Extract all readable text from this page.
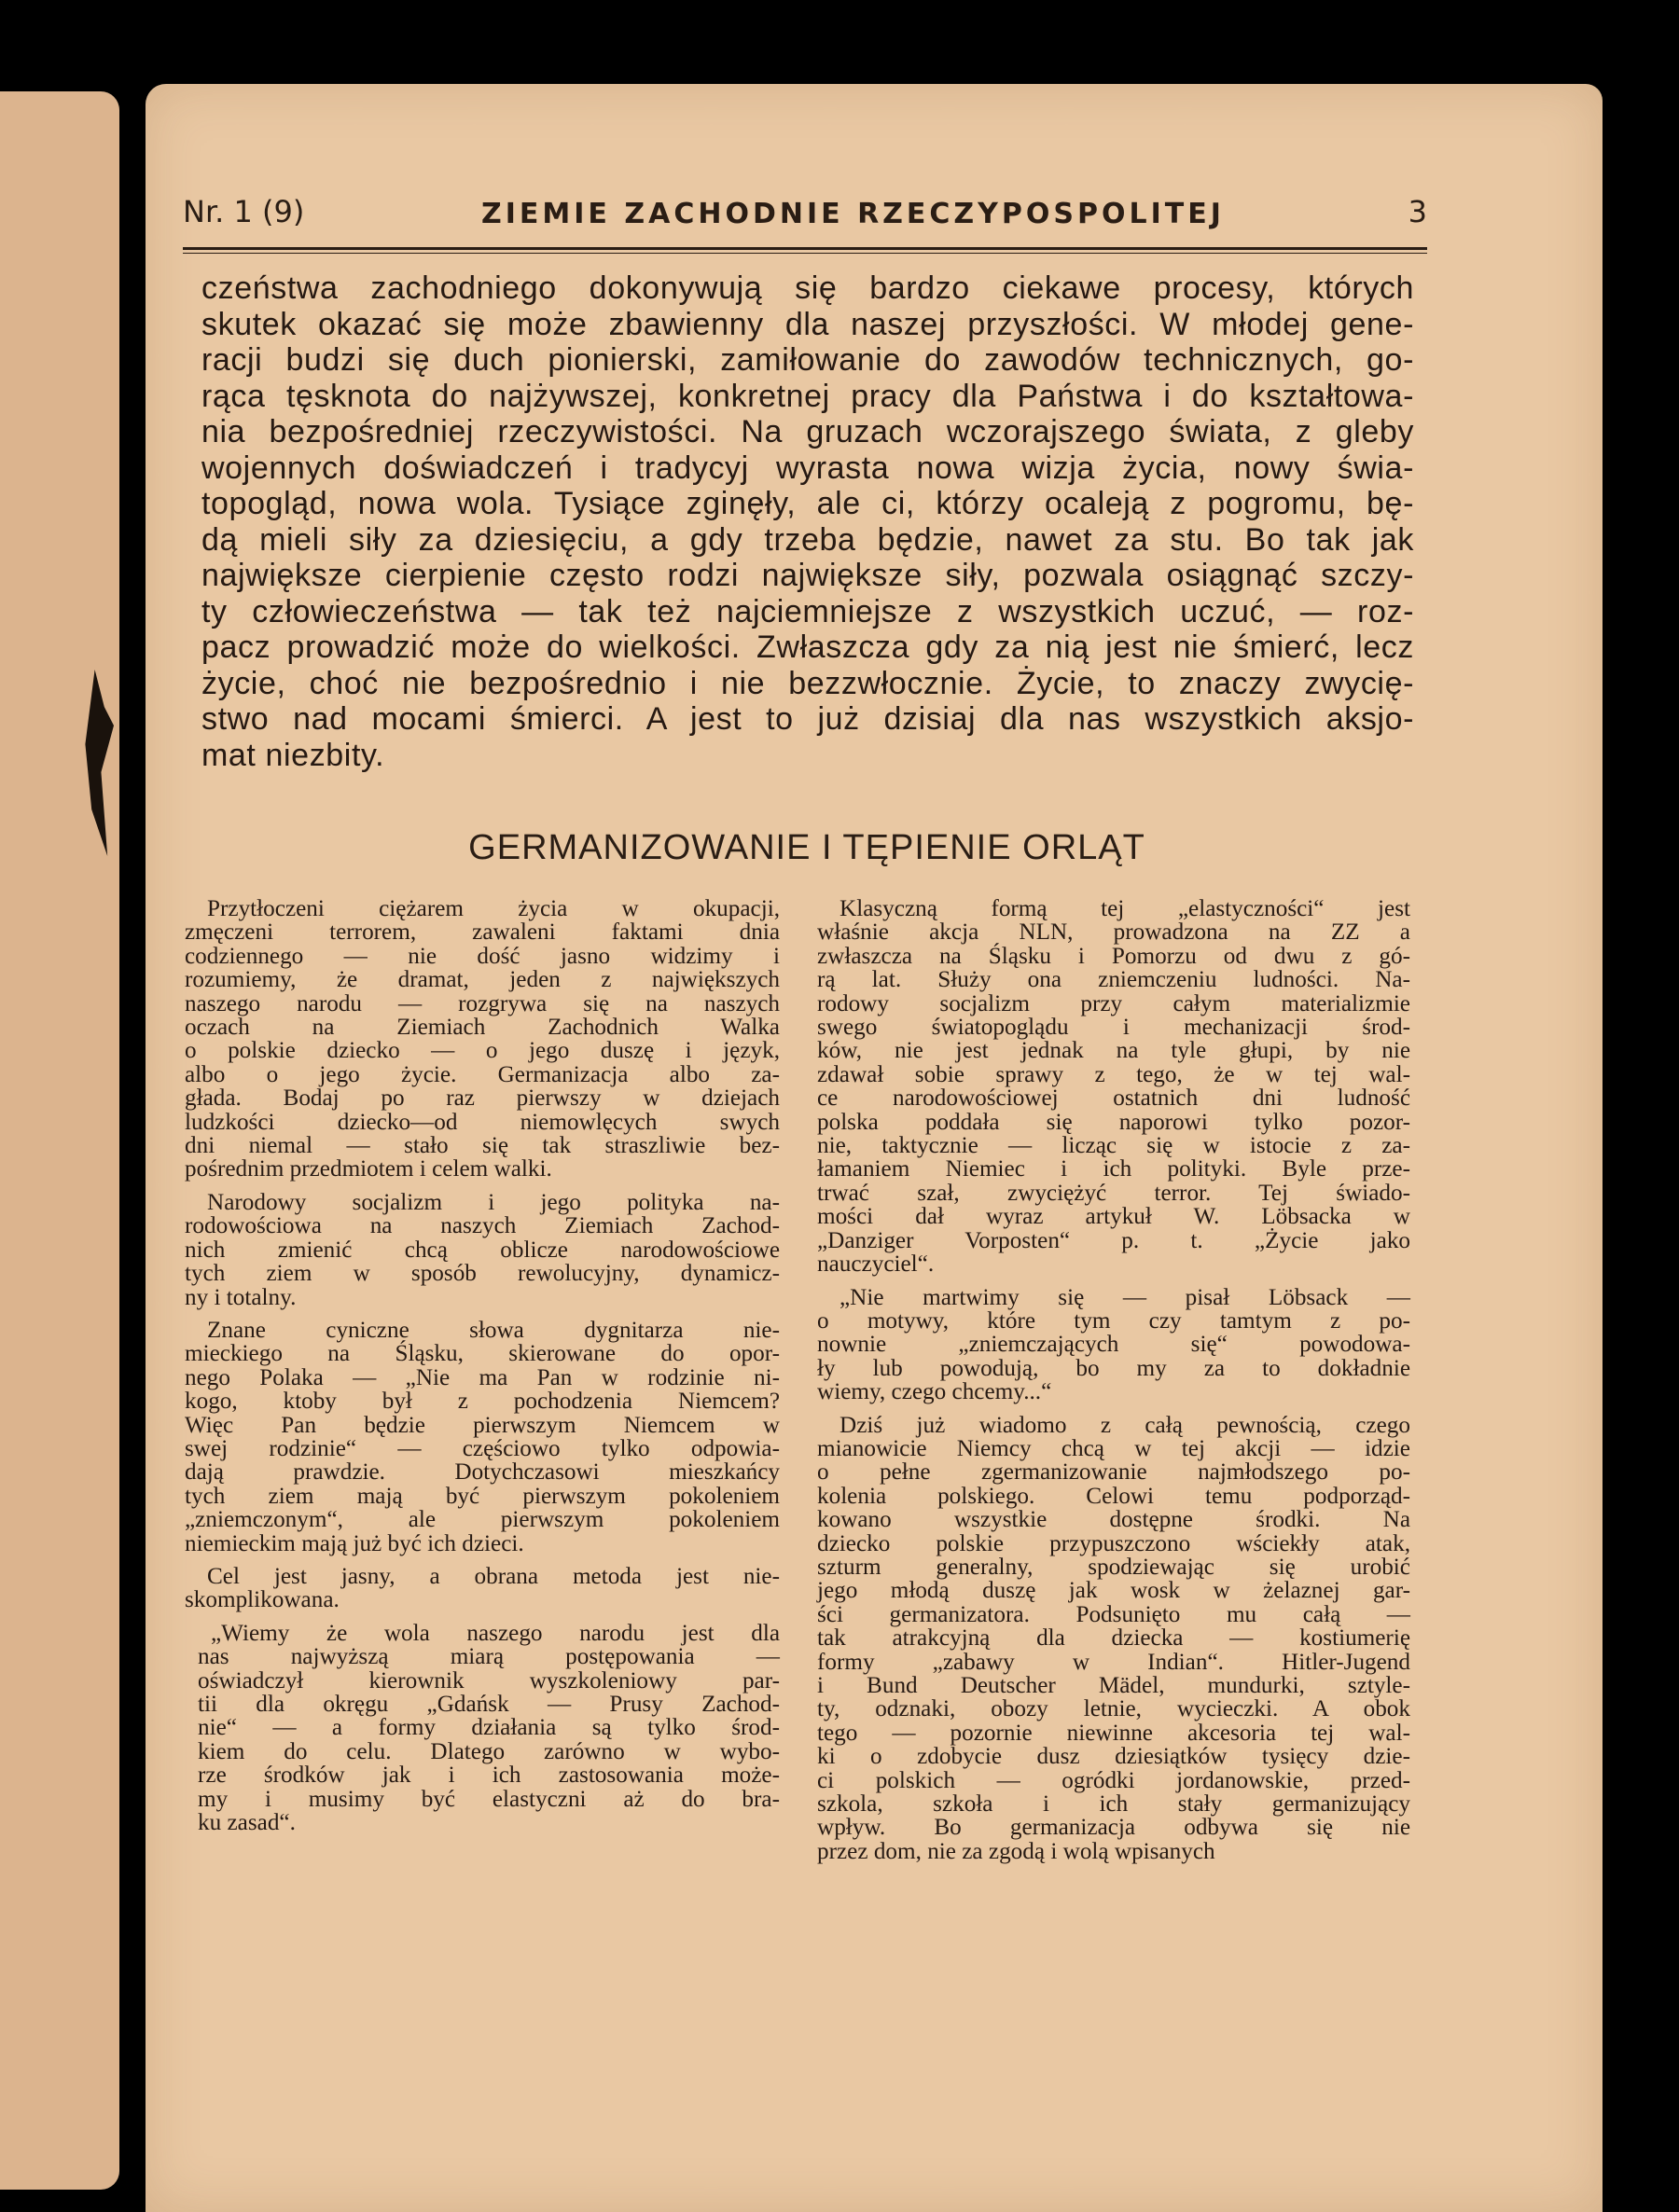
Nr. 1 (9)	ZIEMIE ZACHODNIE RZECZYPOSPOLITEJ	3
czeństwa zachodniego dokonywują się bardzo ciekawe procesy, których
skutek okazać się może zbawienny dla naszej przyszłości. W młodej gene-
racji budzi się duch pionierski, zamiłowanie do zawodów technicznych, go-
rąca tęsknota do najżywszej, konkretnej pracy dla Państwa i do kształtowa-
nia bezpośredniej rzeczywistości. Na gruzach wczorajszego świata, z gleby
wojennych doświadczeń i tradycyj wyrasta nowa wizja życia, nowy świa-
topogląd, nowa wola. Tysiące zginęły, ale ci, którzy ocaleją z pogromu, bę-
dą mieli siły za dziesięciu, a gdy trzeba będzie, nawet za stu. Bo tak jak
największe cierpienie często rodzi największe siły, pozwala osiągnąć szczy-
ty człowieczeństwa — tak też najciemniejsze z wszystkich uczuć, — roz-
pacz prowadzić może do wielkości. Zwłaszcza gdy za nią jest nie śmierć, lecz
życie, choć nie bezpośrednio i nie bezzwłocznie. Życie, to znaczy zwycię-
stwo nad mocami śmierci. A jest to już dzisiaj dla nas wszystkich aksjo-
mat niezbity.
GERMANIZOWANIE I TĘPIENIE ORLĄT

Przytłoczeni ciężarem życia w okupacji,
zmęczeni terrorem, zawaleni faktami dnia
codziennego — nie dość jasno widzimy i
rozumiemy, że dramat, jeden z największych
naszego narodu — rozgrywa się na naszych
oczach na Ziemiach Zachodnich Walka
o polskie dziecko — o jego duszę i język,
albo o jego życie. Germanizacja albo za-
głada. Bodaj po raz pierwszy w dziejach
ludzkości dziecko—od niemowlęcych swych
dni niemal — stało się tak straszliwie bez-
pośrednim przedmiotem i celem walki.

Narodowy socjalizm i jego polityka na-
rodowościowa na naszych Ziemiach Zachod-
nich zmienić chcą oblicze narodowościowe
tych ziem w sposób rewolucyjny, dynamicz-
ny i totalny.

Znane cyniczne słowa dygnitarza nie-
mieckiego na Śląsku, skierowane do opor-
nego Polaka — „Nie ma Pan w rodzinie ni-
kogo, ktoby był z pochodzenia Niemcem?
Więc Pan będzie pierwszym Niemcem w
swej rodzinie“ — częściowo tylko odpowia-
dają prawdzie. Dotychczasowi mieszkańcy
tych ziem mają być pierwszym pokoleniem
„zniemczonym“, ale pierwszym pokoleniem
niemieckim mają już być ich dzieci.

Cel jest jasny, a obrana metoda jest nie-
skomplikowana.

„Wiemy że wola naszego narodu jest dla
nas najwyższą miarą postępowania —
oświadczył kierownik wyszkoleniowy par-
tii dla okręgu „Gdańsk — Prusy Zachod-
nie“ — a formy działania są tylko środ-
kiem do celu. Dlatego zarówno w wybo-
rze środków jak i ich zastosowania może-
my i musimy być elastyczni aż do bra-
ku zasad“.

Klasyczną formą tej „elastyczności“ jest
właśnie akcja NLN, prowadzona na ZZ a
zwłaszcza na Śląsku i Pomorzu od dwu z gó-
rą lat. Służy ona zniemczeniu ludności. Na-
rodowy socjalizm przy całym materializmie
swego światopoglądu i mechanizacji środ-
ków, nie jest jednak na tyle głupi, by nie
zdawał sobie sprawy z tego, że w tej wal-
ce narodowościowej ostatnich dni ludność
polska poddała się naporowi tylko pozor-
nie, taktycznie — licząc się w istocie z za-
łamaniem Niemiec i ich polityki. Byle prze-
trwać szał, zwyciężyć terror. Tej świado-
mości dał wyraz artykuł W. Löbsacka w
„Danziger Vorposten“ p. t. „Życie jako
nauczyciel“.

„Nie martwimy się — pisał Löbsack —
o motywy, które tym czy tamtym z po-
nownie „zniemczających się“ powodowa-
ły lub powodują, bo my za to dokładnie
wiemy, czego chcemy...“

Dziś już wiadomo z całą pewnością, czego
mianowicie Niemcy chcą w tej akcji — idzie
o pełne zgermanizowanie najmłodszego po-
kolenia polskiego. Celowi temu podporząd-
kowano wszystkie dostępne środki. Na
dziecko polskie przypuszczono wściekły atak,
szturm generalny, spodziewając się urobić
jego młodą duszę jak wosk w żelaznej gar-
ści germanizatora. Podsunięto mu całą —
tak atrakcyjną dla dziecka — kostiumerię
formy „zabawy w Indian“. Hitler-Jugend
i Bund Deutscher Mädel, mundurki, sztyle-
ty, odznaki, obozy letnie, wycieczki. A obok
tego — pozornie niewinne akcesoria tej wal-
ki o zdobycie dusz dziesiątków tysięcy dzie-
ci polskich — ogródki jordanowskie, przed-
szkola, szkoła i ich stały germanizujący
wpływ. Bo germanizacja odbywa się nie
przez dom, nie za zgodą i wolą wpisanych
